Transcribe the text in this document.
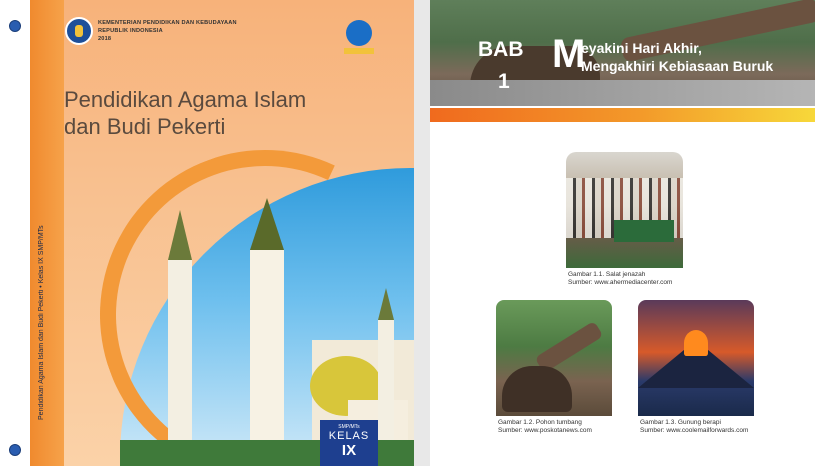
Pendidikan Agama Islam dan Budi Pekerti • Kelas IX SMP/MTs
KEMENTERIAN PENDIDIKAN DAN KEBUDAYAAN
REPUBLIK INDONESIA
2018
Pendidikan Agama Islam
dan Budi Pekerti
SMP/MTs
KELAS
IX
BAB
1
M
eyakini Hari Akhir,
Mengakhiri Kebiasaan Buruk
Gambar 1.1. Salat jenazah
Sumber: www.ahermediacenter.com
Gambar 1.2. Pohon tumbang
Sumber: www.poskotanews.com
Gambar 1.3. Gunung berapi
Sumber: www.coolemailforwards.com
